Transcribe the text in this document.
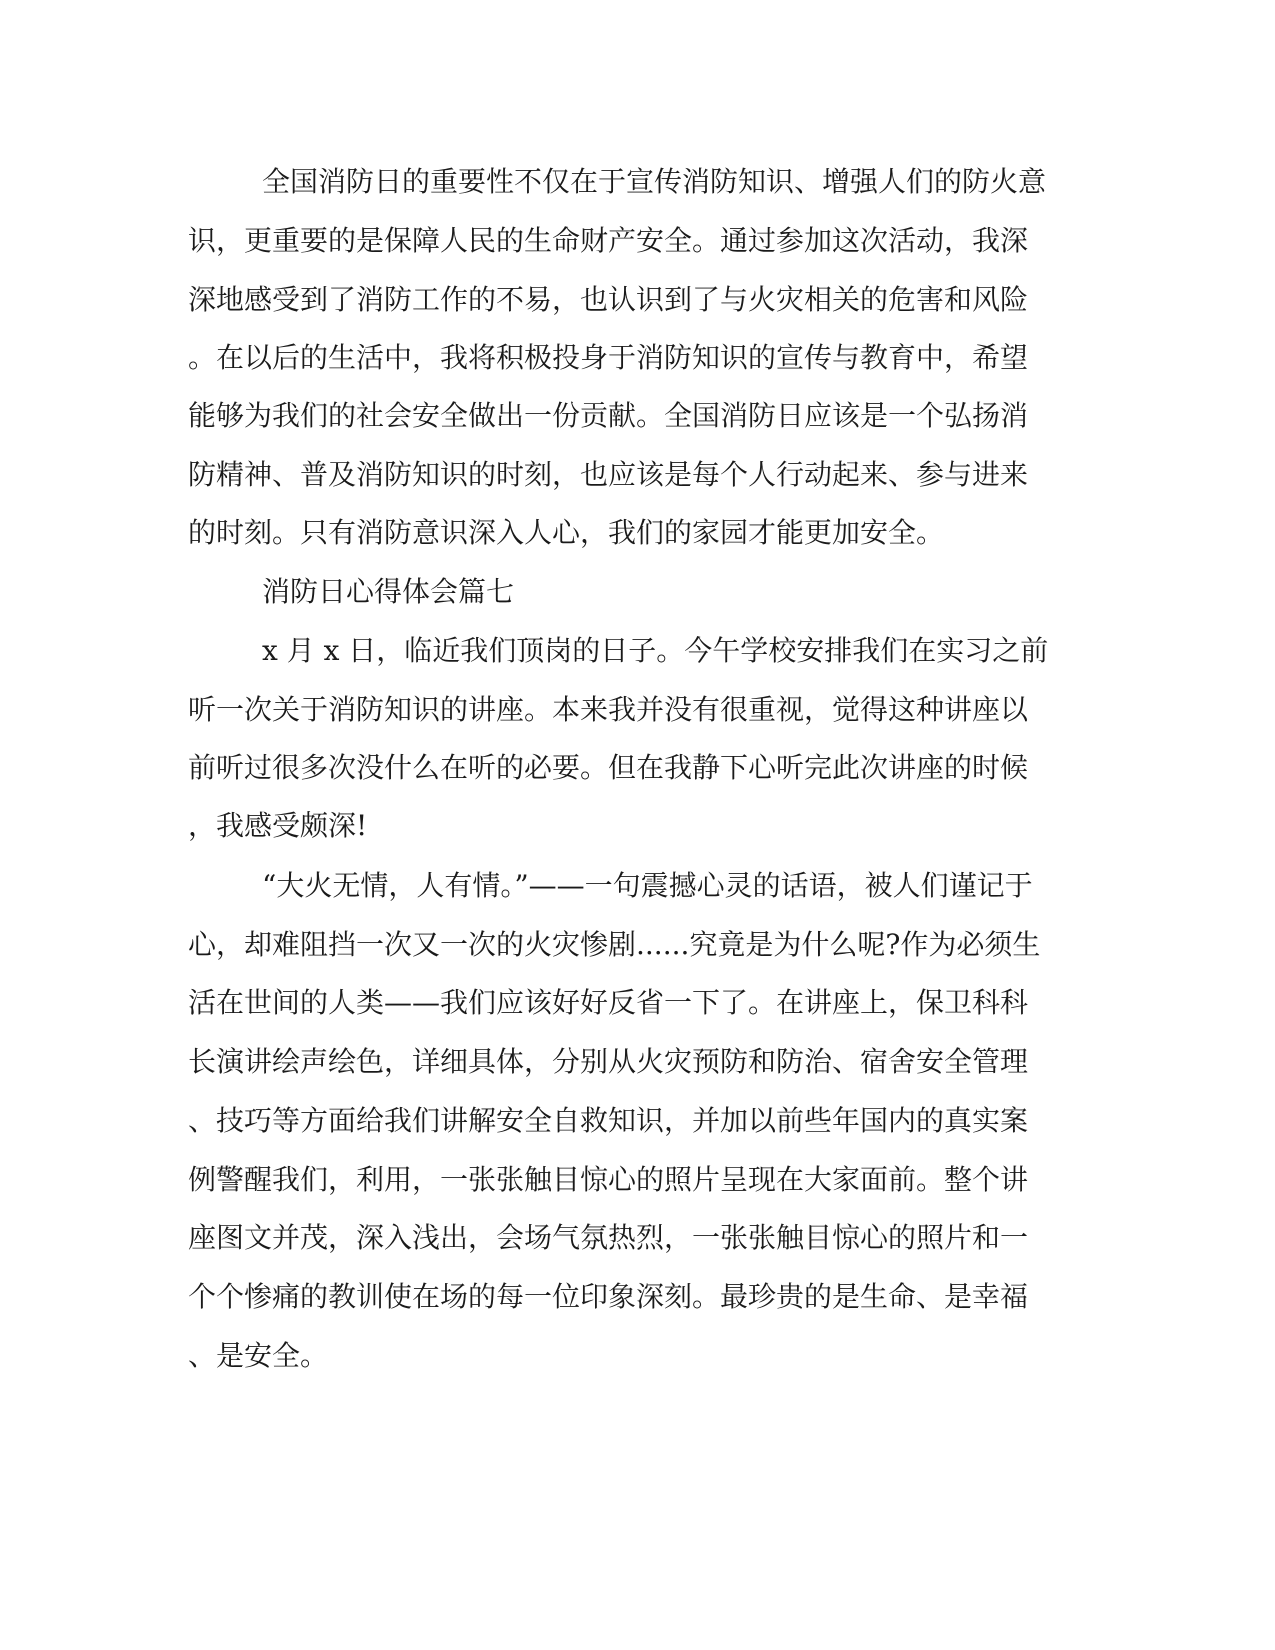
全国消防日的重要性不仅在于宣传消防知识、增强人们的防火意
识，更重要的是保障人民的生命财产安全。通过参加这次活动，我深
深地感受到了消防工作的不易，也认识到了与火灾相关的危害和风险
。在以后的生活中，我将积极投身于消防知识的宣传与教育中，希望
能够为我们的社会安全做出一份贡献。全国消防日应该是一个弘扬消
防精神、普及消防知识的时刻，也应该是每个人行动起来、参与进来
的时刻。只有消防意识深入人心，我们的家园才能更加安全。
消防日心得体会篇七
x 月 x 日，临近我们顶岗的日子。今午学校安排我们在实习之前
听一次关于消防知识的讲座。本来我并没有很重视，觉得这种讲座以
前听过很多次没什么在听的必要。但在我静下心听完此次讲座的时候
，我感受颇深!
“大火无情，人有情。”——一句震撼心灵的话语，被人们谨记于
心，却难阻挡一次又一次的火灾惨剧......究竟是为什么呢?作为必须生
活在世间的人类——我们应该好好反省一下了。在讲座上，保卫科科
长演讲绘声绘色，详细具体，分别从火灾预防和防治、宿舍安全管理
、技巧等方面给我们讲解安全自救知识，并加以前些年国内的真实案
例警醒我们，利用，一张张触目惊心的照片呈现在大家面前。整个讲
座图文并茂，深入浅出，会场气氛热烈，一张张触目惊心的照片和一
个个惨痛的教训使在场的每一位印象深刻。最珍贵的是生命、是幸福
、是安全。
